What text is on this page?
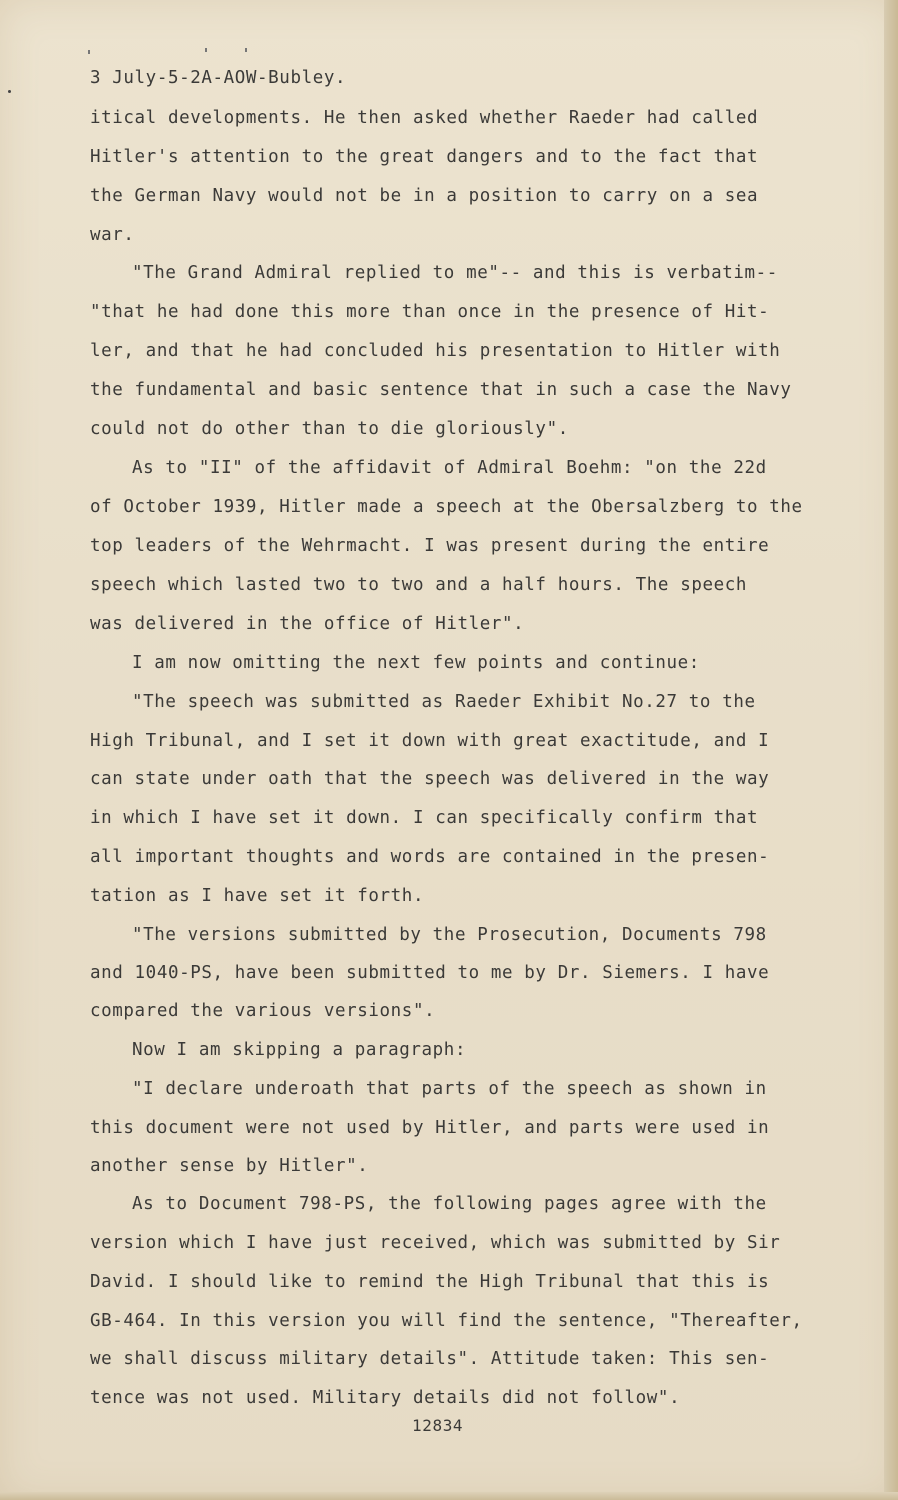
3 July-5-2A-AOW-Bubley.
itical developments. He then asked whether Raeder had called
Hitler's attention to the great dangers and to the fact that
the German Navy would not be in a position to carry on a sea
war.
"The Grand Admiral replied to me"-- and this is verbatim--
"that he had done this more than once in the presence of Hit-
ler, and that he had concluded his presentation to Hitler with
the fundamental and basic sentence that in such a case the Navy
could not do other than to die gloriously".
As to "II" of the affidavit of Admiral Boehm: "on the 22d
of October 1939, Hitler made a speech at the Obersalzberg to the
top leaders of the Wehrmacht. I was present during the entire
speech which lasted two to two and a half hours. The speech
was delivered in the office of Hitler".
I am now omitting the next few points and continue:
"The speech was submitted as Raeder Exhibit No.27 to the
High Tribunal, and I set it down with great exactitude, and I
can state under oath that the speech was delivered in the way
in which I have set it down. I can specifically confirm that
all important thoughts and words are contained in the presen-
tation as I have set it forth.
"The versions submitted by the Prosecution, Documents 798
and 1040-PS, have been submitted to me by Dr. Siemers. I have
compared the various versions".
Now I am skipping a paragraph:
"I declare underoath that parts of the speech as shown in
this document were not used by Hitler, and parts were used in
another sense by Hitler".
As to Document 798-PS, the following pages agree with the
version which I have just received, which was submitted by Sir
David. I should like to remind the High Tribunal that this is
GB-464. In this version you will find the sentence, "Thereafter,
we shall discuss military details". Attitude taken: This sen-
tence was not used. Military details did not follow".
12834
